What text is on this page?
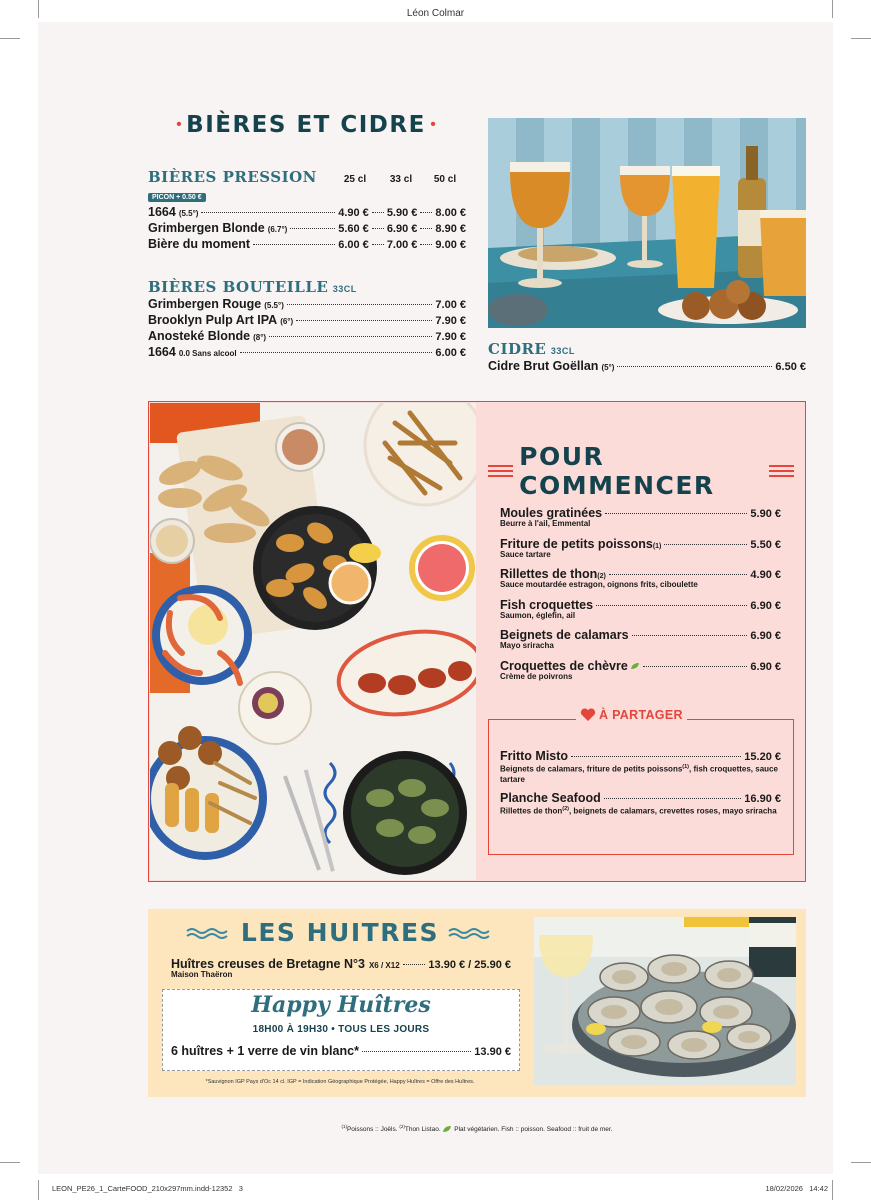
Léon Colmar
• BIÈRES ET CIDRE •
BIÈRES PRESSION	25 cl	33 cl	50 cl
PICON + 0.50 €
1664 (5.5°)	4.90 € 5.90 € 8.00 €
Grimbergen Blonde (6.7°)	5.60 € 6.90 € 8.90 €
Bière du moment	6.00 € 7.00 € 9.00 €
BIÈRES BOUTEILLE 33CL
Grimbergen Rouge (5.5°)	7.00 €
Brooklyn Pulp Art IPA (6°)	7.90 €
Anosteké Blonde (8°)	7.90 €
1664 0.0 Sans alcool	6.00 € CIDRE 33CL
Cidre Brut Goëllan (5°)	6.50 €
POUR COMMENCER
Moules gratinées	5.90 €
Beurre à l'ail, Emmental
Friture de petits poissons (1)	5.50 €
Sauce tartare
Rillettes de thon (2)	4.90 €
Sauce moutardée estragon, oignons frits, ciboulette
Fish croquettes	6.90 €
Saumon, églefin, ail
Beignets de calamars	6.90 €
Mayo sriracha
Croquettes de chèvre	6.90 €
Crème de poivrons
À PARTAGER
Fritto Misto	15.20 €
Beignets de calamars, friture de petits poissons$^{(1)}$, fish croquettes, sauce tartare
Planche Seafood	16.90 €
Rillettes de thon$^{(2)}$, beignets de calamars, crevettes roses, mayo sriracha
LES HUITRES
Huîtres creuses de Bretagne N°3 X6 / X12	13.90 € / 25.90 €
Maison Thaëron
Happy Huîtres
18H00 À 19H30 • TOUS LES JOURS
6 huîtres + 1 verre de vin blanc*	13.90 €
*Sauvignon IGP Pays d'Oc 14 cl. IGP = Indication Géographique Protégée, Happy Huîtres = Offre des Huîtres.
$^{(1)}$Poissons :: Joëls. $^{(2)}$Thon Listao. Plat végétarien. Fish :: poisson. Seafood :: fruit de mer.
LEON_PE26_1_CarteFOOD_210x297mm.indd-12352   3	18/02/2026   14:42
